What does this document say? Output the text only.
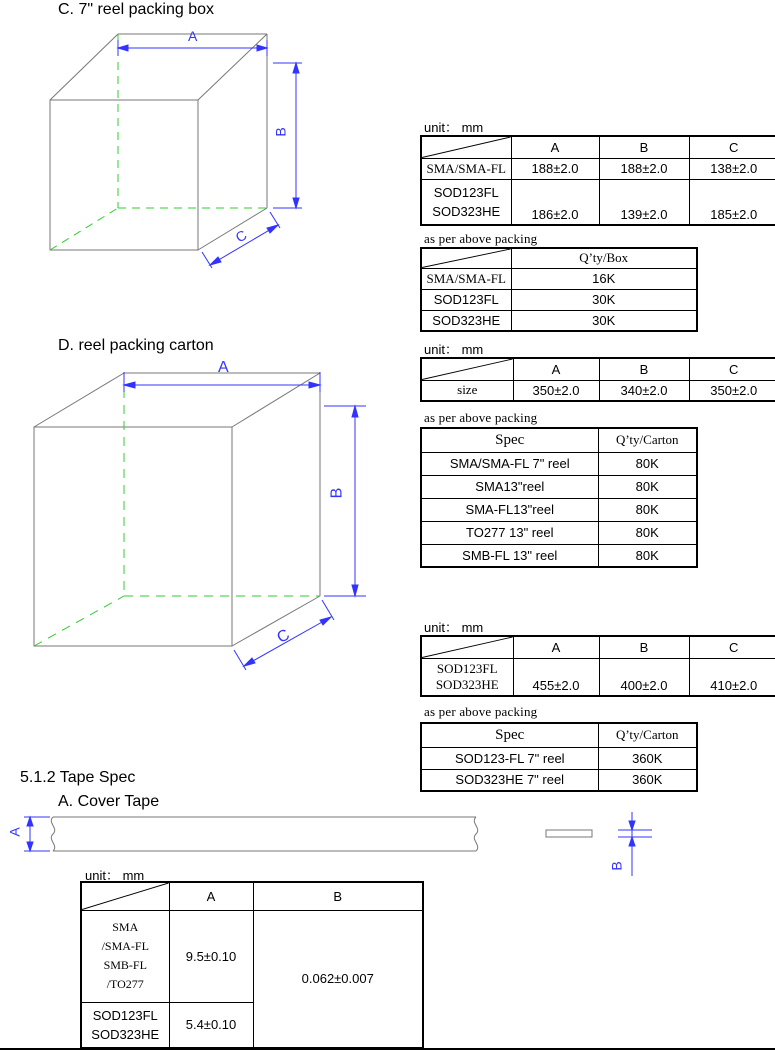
C. 7" reel packing box
A
B
C
unit： mm
	A	B	C
SMA/SMA-FL	188±2.0	188±2.0	138±2.0

SOD123FL
SOD323HE	186±2.0	139±2.0	185±2.0
as per above packing
	Q’ty/Box
SMA/SMA-FL	16K
SOD123FL	30K
SOD323HE	30K
D. reel packing carton
A
B
C
unit： mm
	A	B	C
size	350±2.0	340±2.0	350±2.0
as per above packing
Spec	Q’ty/Carton
SMA/SMA-FL 7" reel	80K
SMA13"reel	80K
SMA-FL13"reel	80K
TO277 13" reel	80K
SMB-FL 13" reel	80K
unit： mm
	A	B	C

SOD123FL
SOD323HE	455±2.0	400±2.0	410±2.0
as per above packing
Spec	Q’ty/Carton
SOD123-FL 7" reel	360K
SOD323HE 7" reel	360K
5.1.2 Tape Spec
A. Cover Tape
A
B
unit： mm
	A	B

SMA
/SMA-FL
SMB-FL
/TO277	9.5±0.10	0.062±0.007

SOD123FL
SOD323HE	5.4±0.10	
